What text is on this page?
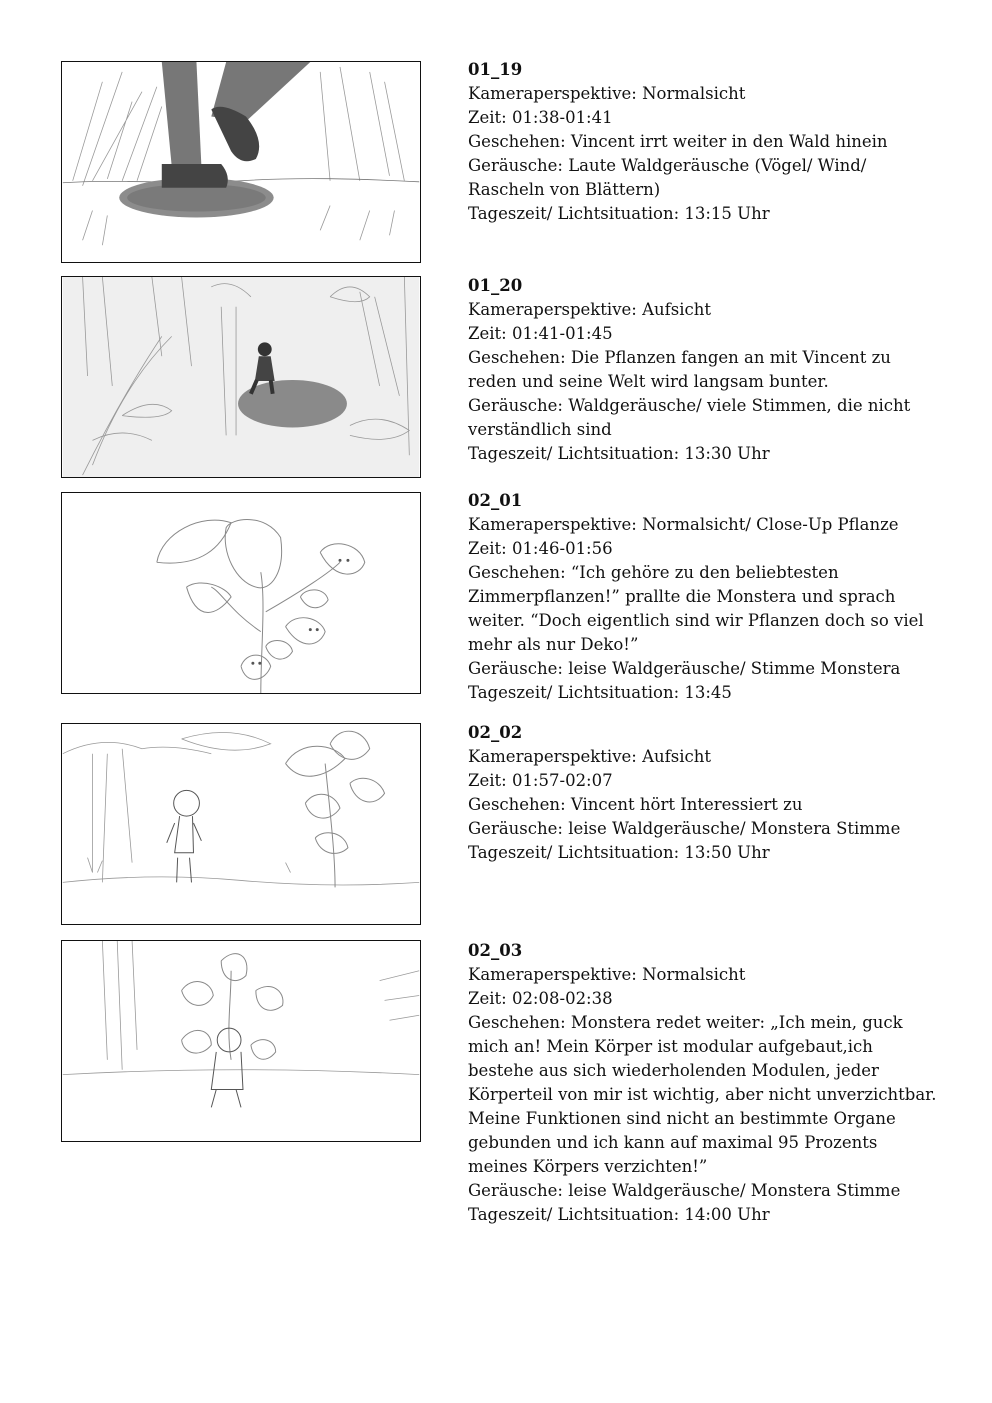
01_19

Kameraperspektive: Normalsicht

Zeit: 01:38-01:41

Geschehen: Vincent irrt weiter in den Wald hinein

Geräusche: Laute Waldgeräusche (Vögel/ Wind/ Rascheln von Blättern)

Tageszeit/ Lichtsituation: 13:15 Uhr

01_20

Kameraperspektive: Aufsicht

Zeit: 01:41-01:45

Geschehen: Die Pflanzen fangen an mit Vincent zu reden und seine Welt wird langsam bunter.

Geräusche: Waldgeräusche/ viele Stimmen, die nicht verständlich sind

Tageszeit/ Lichtsituation: 13:30 Uhr

02_01

Kameraperspektive: Normalsicht/ Close-Up Pflanze

Zeit: 01:46-01:56

Geschehen: “Ich gehöre zu den beliebtesten Zimmerpflanzen!” prallte die Monstera und sprach weiter. “Doch eigentlich sind wir Pflanzen doch so viel mehr als nur Deko!”

Geräusche: leise Waldgeräusche/ Stimme Monstera

Tageszeit/ Lichtsituation: 13:45

02_02

Kameraperspektive: Aufsicht

Zeit: 01:57-02:07

Geschehen: Vincent hört Interessiert zu

Geräusche: leise Waldgeräusche/ Monstera Stimme

Tageszeit/ Lichtsituation: 13:50 Uhr

02_03

Kameraperspektive: Normalsicht

Zeit: 02:08-02:38

Geschehen: Monstera redet weiter: „Ich mein, guck mich an! Mein Körper ist modular aufgebaut,ich bestehe aus sich wiederholenden Modulen, jeder Körperteil von mir ist wichtig, aber nicht unverzichtbar. Meine Funktionen sind nicht an bestimmte Organe gebunden und ich kann auf maximal 95 Prozents meines Körpers verzichten!”

Geräusche: leise Waldgeräusche/ Monstera Stimme

Tageszeit/ Lichtsituation: 14:00 Uhr
